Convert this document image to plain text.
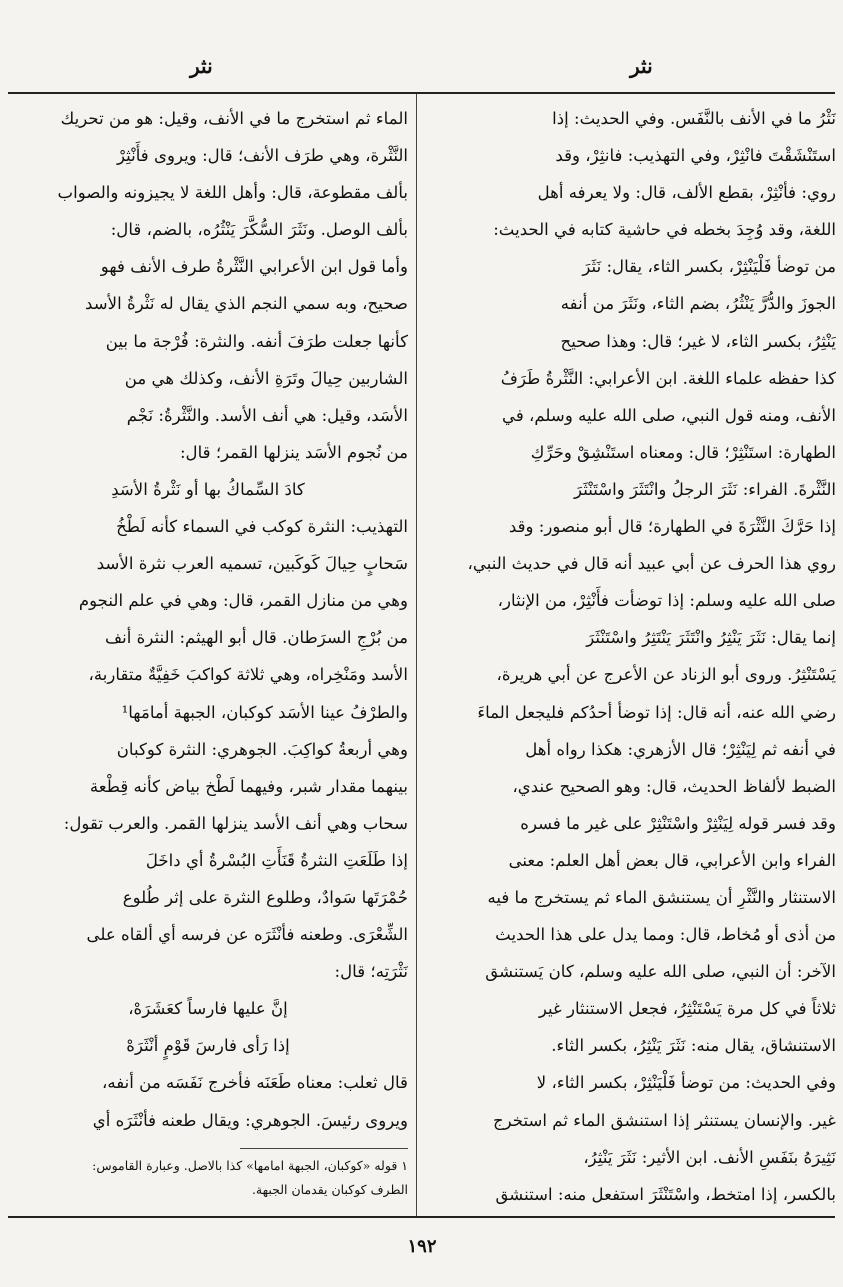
نثر
نثر
نَثْرُ ما في الأنف بالنَّفَس. وفي الحديث: إذا
استَنْشَقْتَ فانْثِرْ، وفي التهذيب: فانثِرْ، وقد
روي: فأنْثِرْ، بقطع الألف، قال: ولا يعرفه أهل
اللغة، وقد وُجِدَ بخطه في حاشية كتابه في الحديث:
من توضأ فَلْيَنْثِرْ، بكسر الثاء، يقال: نَثَرَ
الجوزَ والدُّرَّ يَنْثُرُ، بضم الثاء، ونَثَرَ من أنفه
يَنْثِرُ، بكسر الثاء، لا غير؛ قال: وهذا صحيح
كذا حفظه علماء اللغة. ابن الأعرابي: النَّثْرةُ طَرَفُ
الأنف، ومنه قول النبي، صلى الله عليه وسلم، في
الطهارة: استَنْثِرْ؛ قال: ومعناه استَنْشِقْ وحَرِّكِ
النَّثْرةَ. الفراء: نَثَرَ الرجلُ وانْتَثَرَ واسْتَنْثَرَ
إذا حَرَّكَ النَّثْرَةَ في الطهارة؛ قال أبو منصور: وقد
روي هذا الحرف عن أبي عبيد أنه قال في حديث النبي،
صلى الله عليه وسلم: إذا توضأت فأَنْثِرْ، من الإنثار،
إنما يقال: نَثَرَ يَنْثِرُ وانْتَثَرَ يَنْتَثِرُ واسْتَنْثَرَ
يَسْتَنْثِرُ. وروى أبو الزناد عن الأعرج عن أبي هريرة،
رضي الله عنه، أنه قال: إذا توضأ أحدُكم فليجعل الماءَ
في أنفه ثم لِيَنْثِرْ؛ قال الأزهري: هكذا رواه أهل
الضبط لألفاظ الحديث، قال: وهو الصحيح عندي،
وقد فسر قوله لِيَنْثِرْ واسْتَنْثِرْ على غير ما فسره
الفراء وابن الأعرابي، قال بعض أهل العلم: معنى
الاستنثار والنَّثْرِ أن يستنشق الماء ثم يستخرج ما فيه
من أذى أو مُخاط، قال: ومما يدل على هذا الحديث
الآخر: أن النبي، صلى الله عليه وسلم، كان يَستنشق
ثلاثاً في كل مرة يَسْتَنْثِرُ، فجعل الاستنثار غير
الاستنشاق، يقال منه: نَثَرَ يَنْثِرُ، بكسر الثاء.
وفي الحديث: من توضأ فَلْيَنْثِرْ، بكسر الثاء، لا
غير. والإنسان يستنثر إذا استنشق الماء ثم استخرج
نَثِيرَهُ بنَفَسِ الأنف. ابن الأثير: نَثَرَ يَنْثِرُ،
بالكسر، إذا امتخط، واسْتَنْثَرَ استفعل منه: استنشق
الماء ثم استخرج ما في الأنف، وقيل: هو من تحريك
النَّثْرة، وهي طرَف الأنف؛ قال: ويروى فأَنْثِرْ
بألف مقطوعة، قال: وأهل اللغة لا يجيزونه والصواب
بألف الوصل. ونَثَرَ السُّكَّرَ يَنْثُرُه، بالضم، قال:
وأما قول ابن الأعرابي النَّثْرةُ طرف الأنف فهو
صحيح، وبه سمي النجم الذي يقال له نَثْرةُ الأسد
كأنها جعلت طرَفَ أنفه. والنثرة: فُرْجة ما بين
الشاربين حِيالَ وتَرَةِ الأنف، وكذلك هي من
الأسَد، وقيل: هي أنف الأسد. والنَّثْرةُ: نَجْم
من نُجوم الأسَد ينزلها القمر؛ قال:
كادَ السِّماكُ بها أو نَثْرةُ الأسَدِ
التهذيب: النثرة كوكب في السماء كأنه لَطْخُ
سَحابٍ حِيالَ كَوكَبين، تسميه العرب نثرة الأسد
وهي من منازل القمر، قال: وهي في علم النجوم
من بُرْجِ السرَطان. قال أبو الهيثم: النثرة أنف
الأسد ومَنْخِراه، وهي ثلاثة كواكبَ خَفِيَّةٌ متقاربة،
والطرْفُ عينا الأسَد كوكبان، الجبهة أمامَها¹
وهي أربعةُ كواكِبَ. الجوهري: النثرة كوكبان
بينهما مقدار شبر، وفيهما لَطْخ بياض كأنه قِطْعة
سحاب وهي أنف الأسد ينزلها القمر. والعرب تقول:
إذا طَلَعَتِ النثرةُ قَنَأَتِ البُسْرةُ أي داخَلَ
حُمْرَتَها سَوادٌ، وطلوع النثرة على إثر طُلوع
الشِّعْرَى. وطعنه فأنْثَرَه عن فرسه أي ألقاه على
نَثْرَتِه؛ قال:
إنَّ عليها فارساً كعَشَرَهْ،
إذا رَأى فارسَ قَوْمٍ أنْثَرَهْ
قال ثعلب: معناه طَعَنَه فأخرج نَفَسَه من أنفه،
ويروى رئيسَ. الجوهري: ويقال طعنه فأنْثَرَه أي
١ قوله «كوكبان، الجبهة امامها» كذا بالاصل. وعبارة القاموس:
الطرف كوكبان يقدمان الجبهة.
١٩٢
